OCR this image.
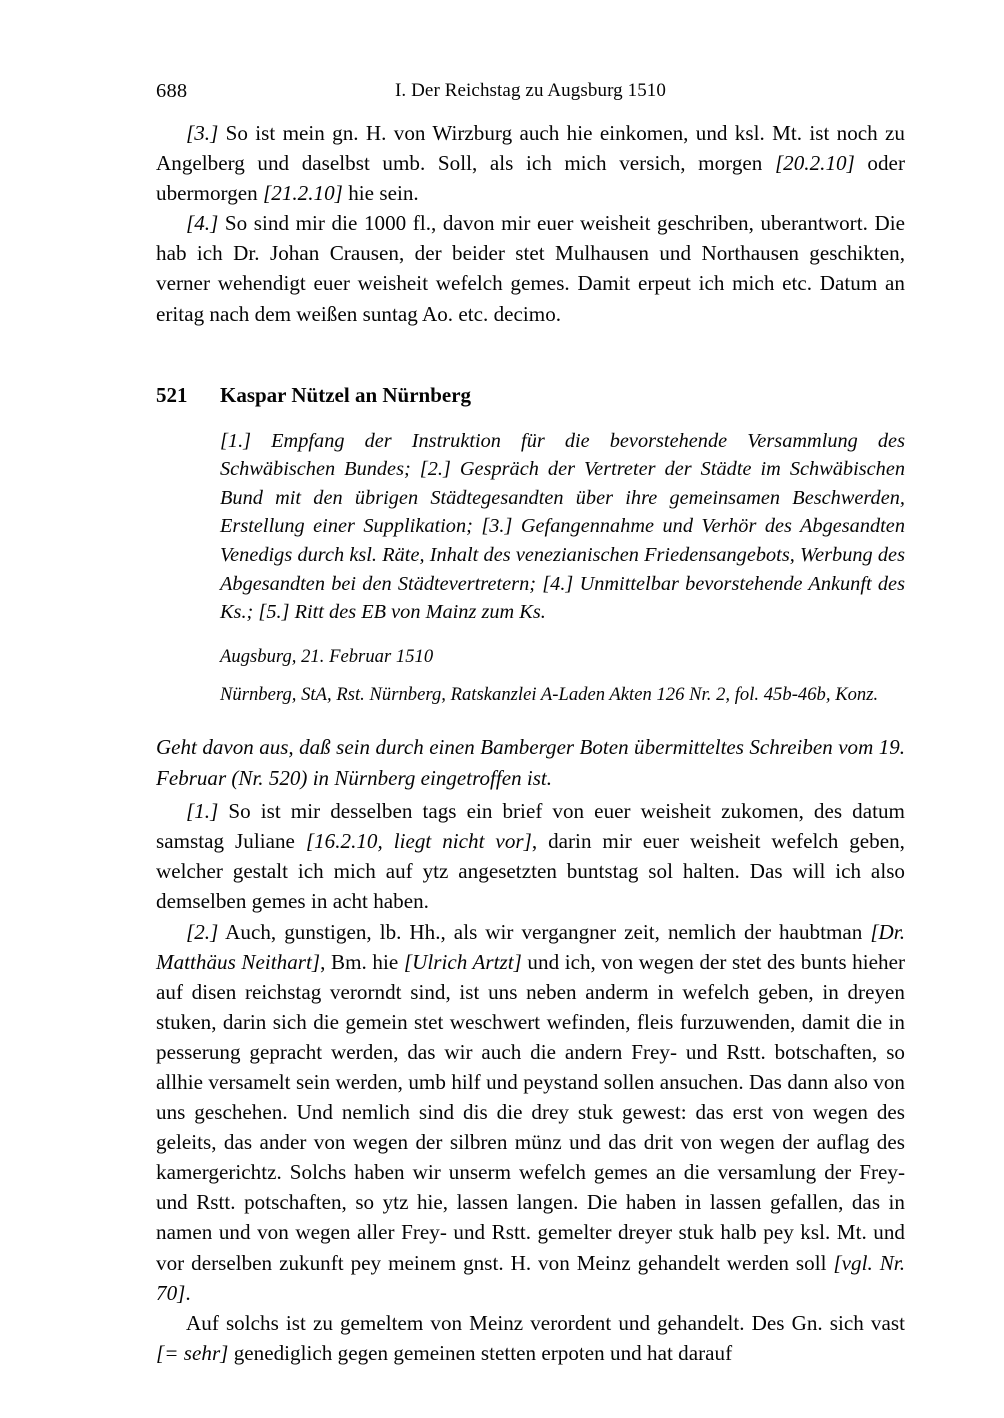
688	I. Der Reichstag zu Augsburg 1510

[3.] So ist mein gn. H. von Wirzburg auch hie einkomen, und ksl. Mt. ist noch zu Angelberg und daselbst umb. Soll, als ich mich versich, morgen [20.2.10] oder ubermorgen [21.2.10] hie sein.

[4.] So sind mir die 1000 fl., davon mir euer weisheit geschriben, uberantwort. Die hab ich Dr. Johan Crausen, der beider stet Mulhausen und Northausen geschikten, verner wehendigt euer weisheit wefelch gemes. Damit erpeut ich mich etc. Datum an eritag nach dem weißen suntag Ao. etc. decimo.

521	Kaspar Nützel an Nürnberg

[1.] Empfang der Instruktion für die bevorstehende Versammlung des Schwäbischen Bundes; [2.] Gespräch der Vertreter der Städte im Schwäbischen Bund mit den übrigen Städtegesandten über ihre gemeinsamen Beschwerden, Erstellung einer Supplikation; [3.] Gefangennahme und Verhör des Abgesandten Venedigs durch ksl. Räte, Inhalt des venezianischen Friedensangebots, Werbung des Abgesandten bei den Städtevertretern; [4.] Unmittelbar bevorstehende Ankunft des Ks.; [5.] Ritt des EB von Mainz zum Ks.

Augsburg, 21. Februar 1510

Nürnberg, StA, Rst. Nürnberg, Ratskanzlei A-Laden Akten 126 Nr. 2, fol. 45b-46b, Konz.

Geht davon aus, daß sein durch einen Bamberger Boten übermitteltes Schreiben vom 19. Februar (Nr. 520) in Nürnberg eingetroffen ist.

[1.] So ist mir desselben tags ein brief von euer weisheit zukomen, des datum samstag Juliane [16.2.10, liegt nicht vor], darin mir euer weisheit wefelch geben, welcher gestalt ich mich auf ytz angesetzten buntstag sol halten. Das will ich also demselben gemes in acht haben.

[2.] Auch, gunstigen, lb. Hh., als wir vergangner zeit, nemlich der haubtman [Dr. Matthäus Neithart], Bm. hie [Ulrich Artzt] und ich, von wegen der stet des bunts hieher auf disen reichstag verorndt sind, ist uns neben anderm in wefelch geben, in dreyen stuken, darin sich die gemein stet weschwert wefinden, fleis furzuwenden, damit die in pesserung gepracht werden, das wir auch die andern Frey- und Rstt. botschaften, so allhie versamelt sein werden, umb hilf und peystand sollen ansuchen. Das dann also von uns geschehen. Und nemlich sind dis die drey stuk gewest: das erst von wegen des geleits, das ander von wegen der silbren münz und das drit von wegen der auflag des kamergerichtz. Solchs haben wir unserm wefelch gemes an die versamlung der Frey- und Rstt. potschaften, so ytz hie, lassen langen. Die haben in lassen gefallen, das in namen und von wegen aller Frey- und Rstt. gemelter dreyer stuk halb pey ksl. Mt. und vor derselben zukunft pey meinem gnst. H. von Meinz gehandelt werden soll [vgl. Nr. 70].

Auf solchs ist zu gemeltem von Meinz verordent und gehandelt. Des Gn. sich vast [= sehr] genediglich gegen gemeinen stetten erpoten und hat darauf
